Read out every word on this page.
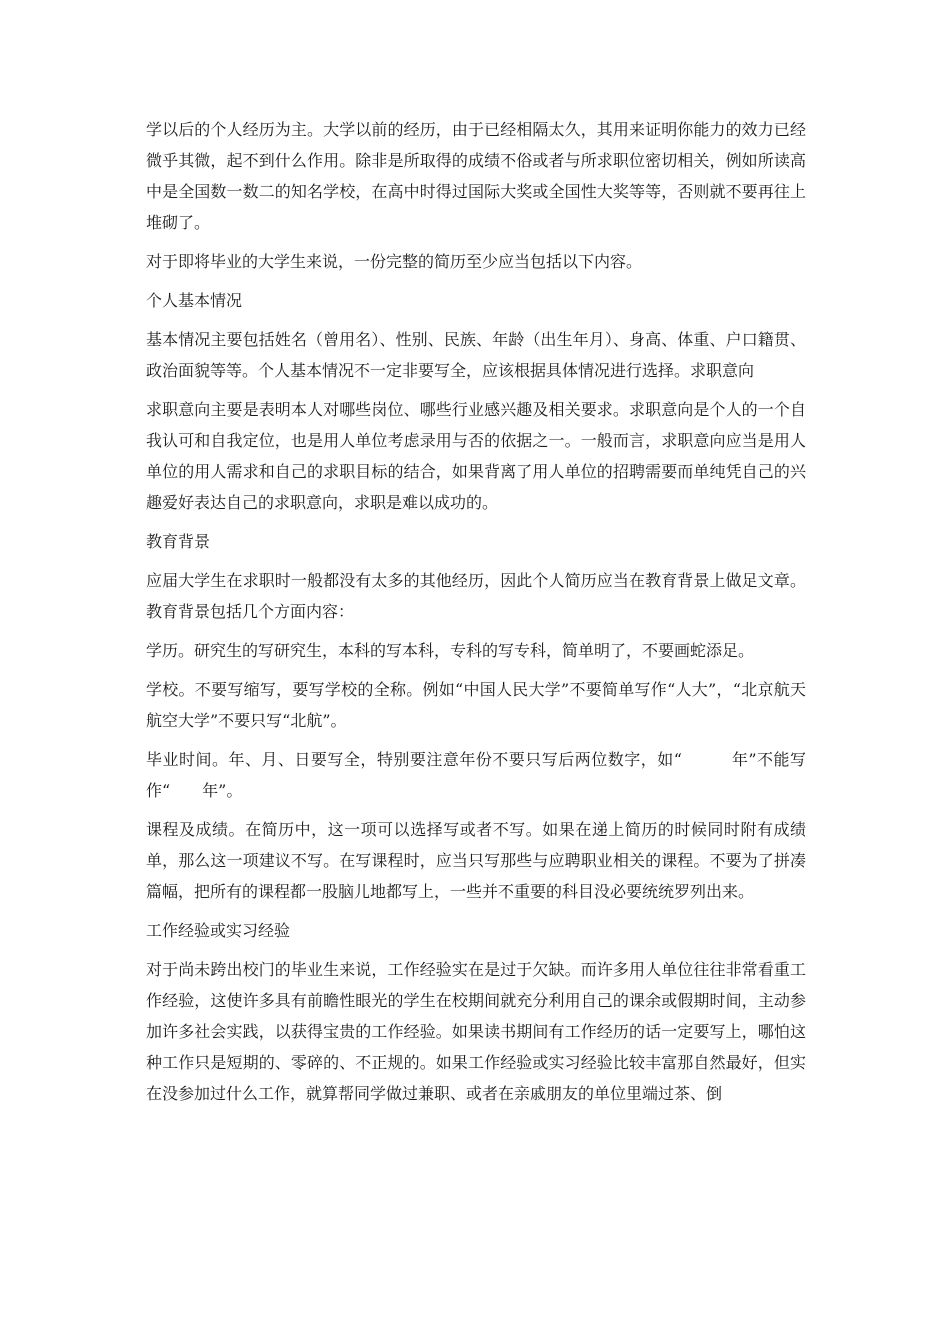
学以后的个人经历为主。大学以前的经历，由于已经相隔太久，其用来证明你能力的效力已经微乎其微，起不到什么作用。除非是所取得的成绩不俗或者与所求职位密切相关，例如所读高中是全国数一数二的知名学校，在高中时得过国际大奖或全国性大奖等等，否则就不要再往上堆砌了。

对于即将毕业的大学生来说，一份完整的简历至少应当包括以下内容。

个人基本情况

基本情况主要包括姓名（曾用名）、性别、民族、年龄（出生年月）、身高、体重、户口籍贯、政治面貌等等。个人基本情况不一定非要写全，应该根据具体情况进行选择。求职意向

求职意向主要是表明本人对哪些岗位、哪些行业感兴趣及相关要求。求职意向是个人的一个自我认可和自我定位，也是用人单位考虑录用与否的依据之一。一般而言，求职意向应当是用人单位的用人需求和自己的求职目标的结合，如果背离了用人单位的招聘需要而单纯凭自己的兴趣爱好表达自己的求职意向，求职是难以成功的。

教育背景

应届大学生在求职时一般都没有太多的其他经历，因此个人简历应当在教育背景上做足文章。教育背景包括几个方面内容：

学历。研究生的写研究生，本科的写本科，专科的写专科，简单明了，不要画蛇添足。

学校。不要写缩写，要写学校的全称。例如“中国人民大学”不要简单写作“人大”，“北京航天航空大学”不要只写“北航”。

毕业时间。年、月、日要写全，特别要注意年份不要只写后两位数字，如“　　　年”不能写作“　　年”。

课程及成绩。在简历中，这一项可以选择写或者不写。如果在递上简历的时候同时附有成绩单，那么这一项建议不写。在写课程时，应当只写那些与应聘职业相关的课程。不要为了拼凑篇幅，把所有的课程都一股脑儿地都写上，一些并不重要的科目没必要统统罗列出来。

工作经验或实习经验

对于尚未跨出校门的毕业生来说，工作经验实在是过于欠缺。而许多用人单位往往非常看重工作经验，这使许多具有前瞻性眼光的学生在校期间就充分利用自己的课余或假期时间，主动参加许多社会实践，以获得宝贵的工作经验。如果读书期间有工作经历的话一定要写上，哪怕这种工作只是短期的、零碎的、不正规的。如果工作经验或实习经验比较丰富那自然最好，但实在没参加过什么工作，就算帮同学做过兼职、或者在亲戚朋友的单位里端过茶、倒
